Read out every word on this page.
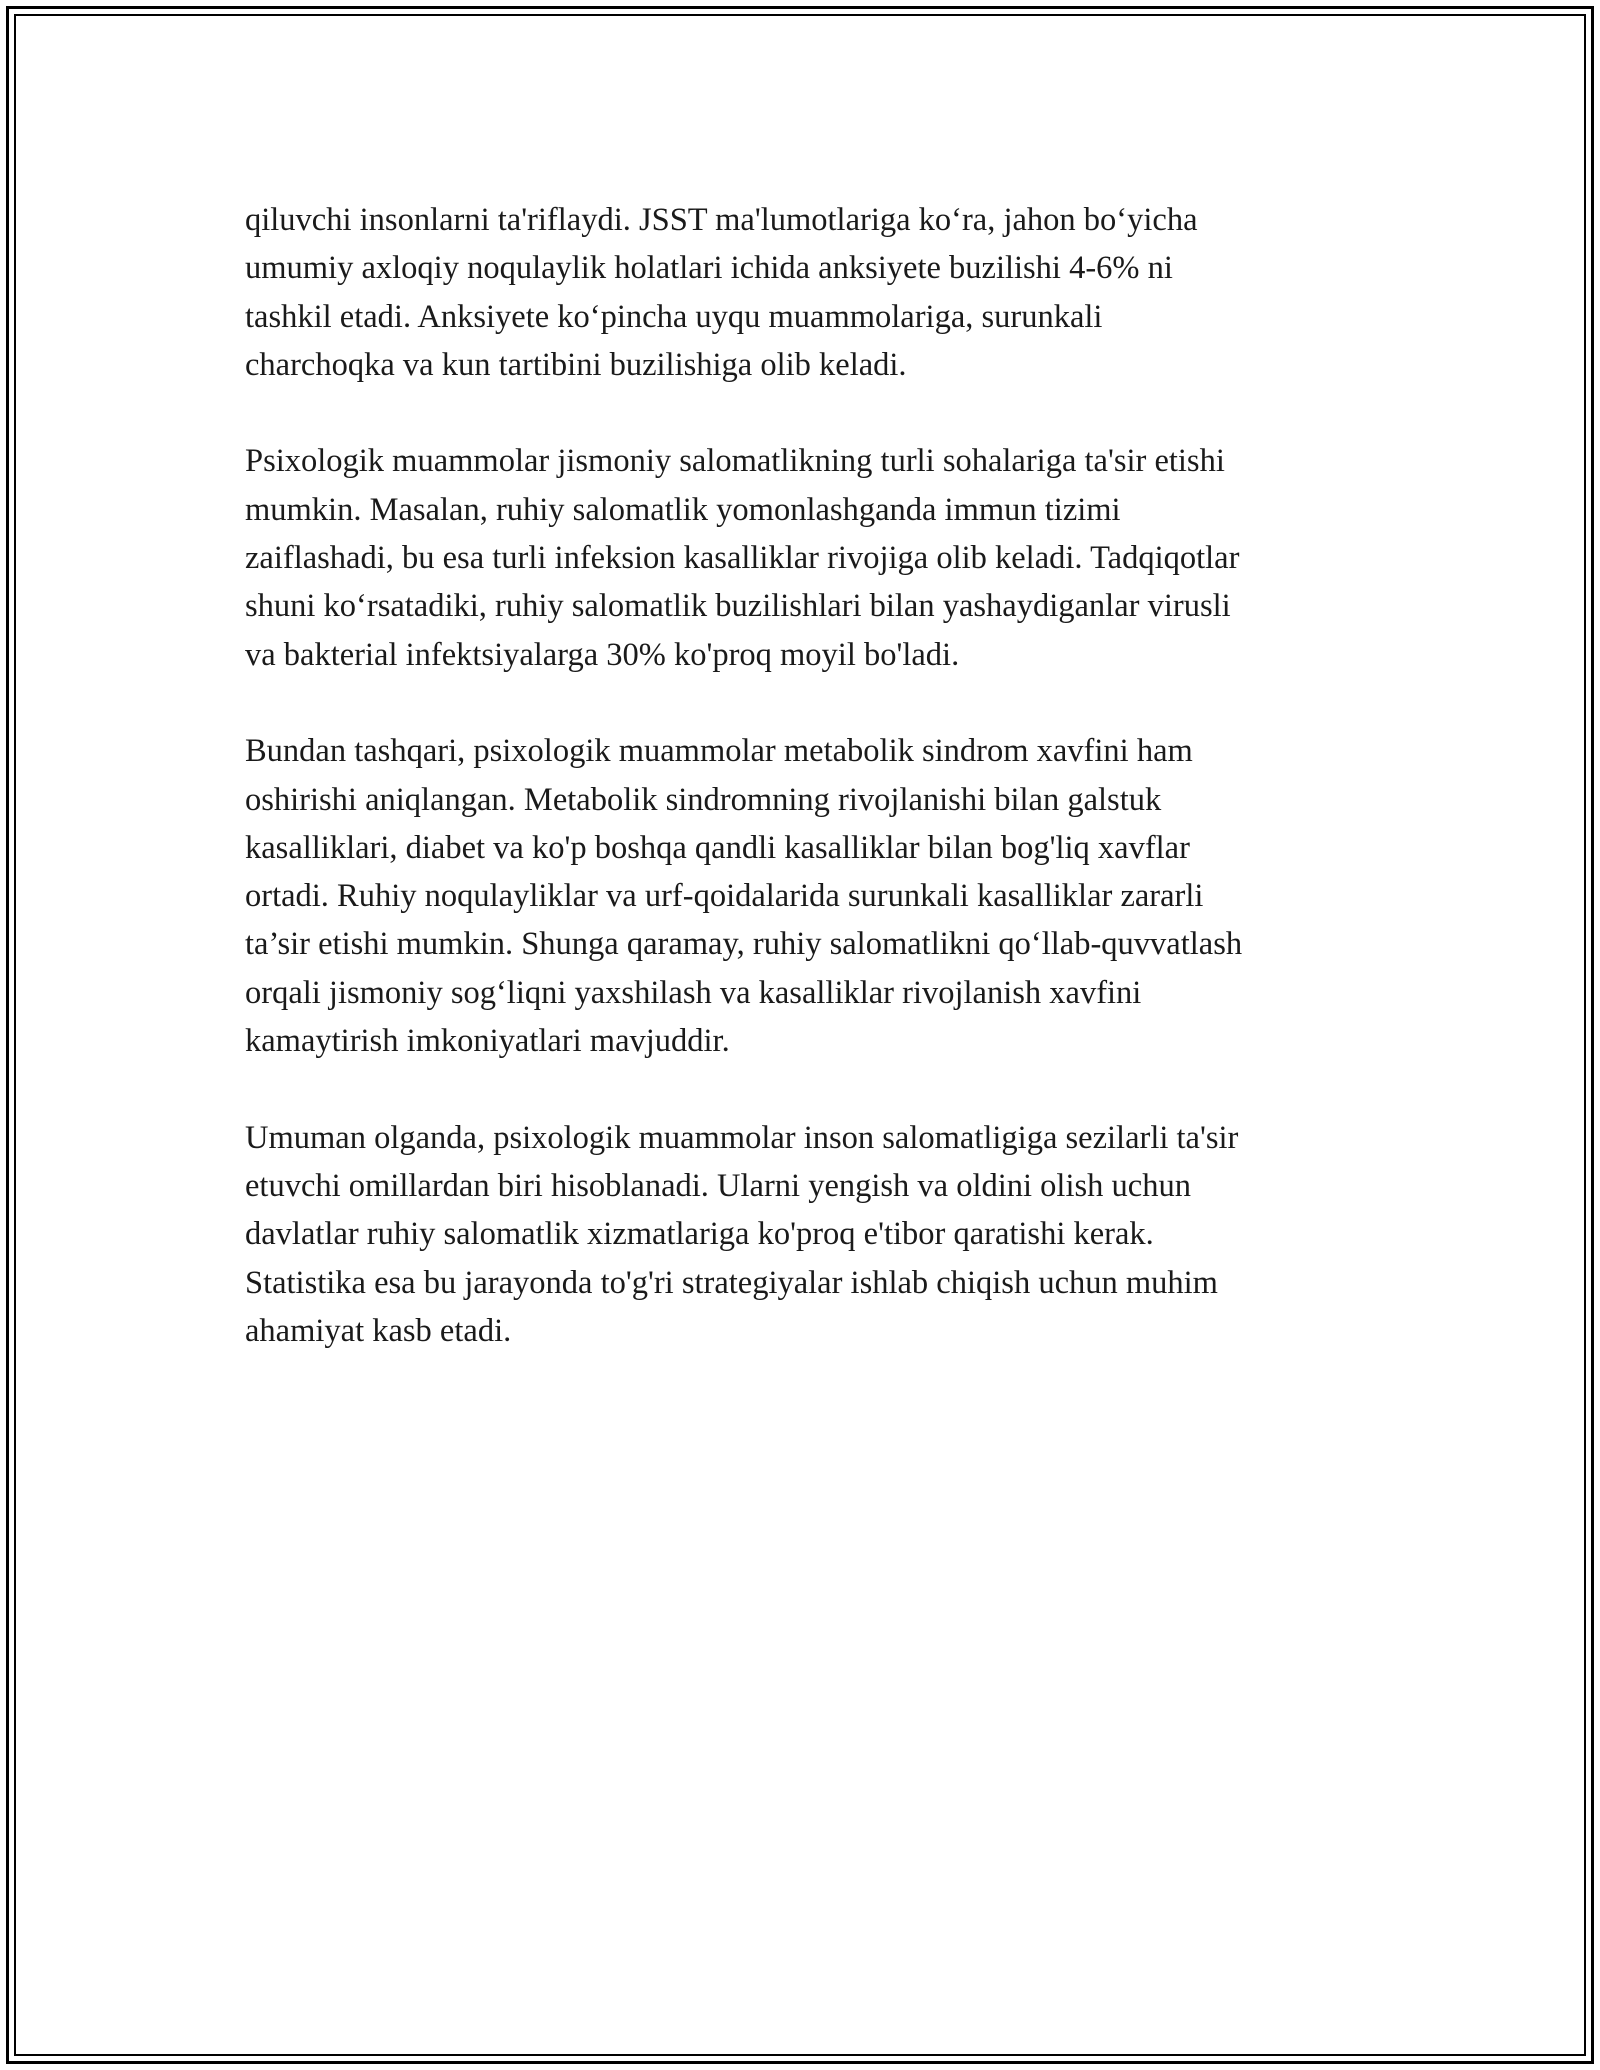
qiluvchi insonlarni ta'riflaydi. JSST ma'lumotlariga ko‘ra, jahon bo‘yicha
umumiy axloqiy noqulaylik holatlari ichida anksiyete buzilishi 4-6% ni
tashkil etadi. Anksiyete ko‘pincha uyqu muammolariga, surunkali
charchoqka va kun tartibini buzilishiga olib keladi.

Psixologik muammolar jismoniy salomatlikning turli sohalariga ta'sir etishi
mumkin. Masalan, ruhiy salomatlik yomonlashganda immun tizimi
zaiflashadi, bu esa turli infeksion kasalliklar rivojiga olib keladi. Tadqiqotlar
shuni ko‘rsatadiki, ruhiy salomatlik buzilishlari bilan yashaydiganlar virusli
va bakterial infektsiyalarga 30% ko'proq moyil bo'ladi.

Bundan tashqari, psixologik muammolar metabolik sindrom xavfini ham
oshirishi aniqlangan. Metabolik sindromning rivojlanishi bilan galstuk
kasalliklari, diabet va ko'p boshqa qandli kasalliklar bilan bog'liq xavflar
ortadi. Ruhiy noqulayliklar va urf-qoidalarida surunkali kasalliklar zararli
ta’sir etishi mumkin. Shunga qaramay, ruhiy salomatlikni qo‘llab-quvvatlash
orqali jismoniy sog‘liqni yaxshilash va kasalliklar rivojlanish xavfini
kamaytirish imkoniyatlari mavjuddir.

Umuman olganda, psixologik muammolar inson salomatligiga sezilarli ta'sir
etuvchi omillardan biri hisoblanadi. Ularni yengish va oldini olish uchun
davlatlar ruhiy salomatlik xizmatlariga ko'proq e'tibor qaratishi kerak.
Statistika esa bu jarayonda to'g'ri strategiyalar ishlab chiqish uchun muhim
ahamiyat kasb etadi.
